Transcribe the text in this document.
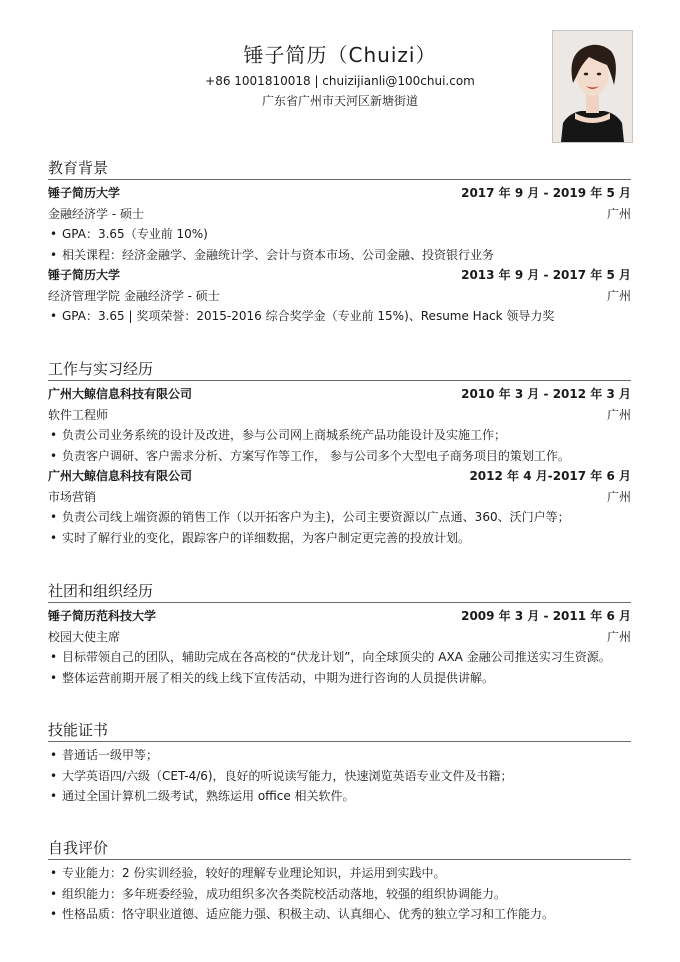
锤子简历（Chuizi）
+86 1001810018 | chuizijianli@100chui.com
广东省广州市天河区新塘街道
教育背景
锤子简历大学	2017 年 9 月 - 2019 年 5 月
金融经济学 - 硕士	广州
• GPA：3.65（专业前 10%)
• 相关课程：经济金融学、金融统计学、会计与资本市场、公司金融、投资银行业务
锤子简历大学	2013 年 9 月 - 2017 年 5 月
经济管理学院 金融经济学 - 硕士	广州
• GPA：3.65 | 奖项荣誉：2015-2016 综合奖学金（专业前 15%)、Resume Hack 领导力奖
工作与实习经历
广州大鲸信息科技有限公司	2010 年 3 月 - 2012 年 3 月
软件工程师	广州
• 负责公司业务系统的设计及改进，参与公司网上商城系统产品功能设计及实施工作；
• 负责客户调研、客户需求分析、方案写作等工作， 参与公司多个大型电子商务项目的策划工作。
广州大鲸信息科技有限公司	2012 年 4 月-2017 年 6 月
市场营销	广州
• 负责公司线上端资源的销售工作（以开拓客户为主)，公司主要资源以广点通、360、沃门户等；
• 实时了解行业的变化，跟踪客户的详细数据，为客户制定更完善的投放计划。
社团和组织经历
锤子简历范科技大学	2009 年 3 月 - 2011 年 6 月
校园大使主席	广州
• 目标带领自己的团队，辅助完成在各高校的“伏龙计划”，向全球顶尖的 AXA 金融公司推送实习生资源。
• 整体运营前期开展了相关的线上线下宣传活动，中期为进行咨询的人员提供讲解。
技能证书
• 普通话一级甲等；
• 大学英语四/六级（CET-4/6)，良好的听说读写能力，快速浏览英语专业文件及书籍；
• 通过全国计算机二级考试，熟练运用 office 相关软件。
自我评价
• 专业能力：2 份实训经验，较好的理解专业理论知识，并运用到实践中。
• 组织能力：多年班委经验，成功组织多次各类院校活动落地，较强的组织协调能力。
• 性格品质：恪守职业道德、适应能力强、积极主动、认真细心、优秀的独立学习和工作能力。
